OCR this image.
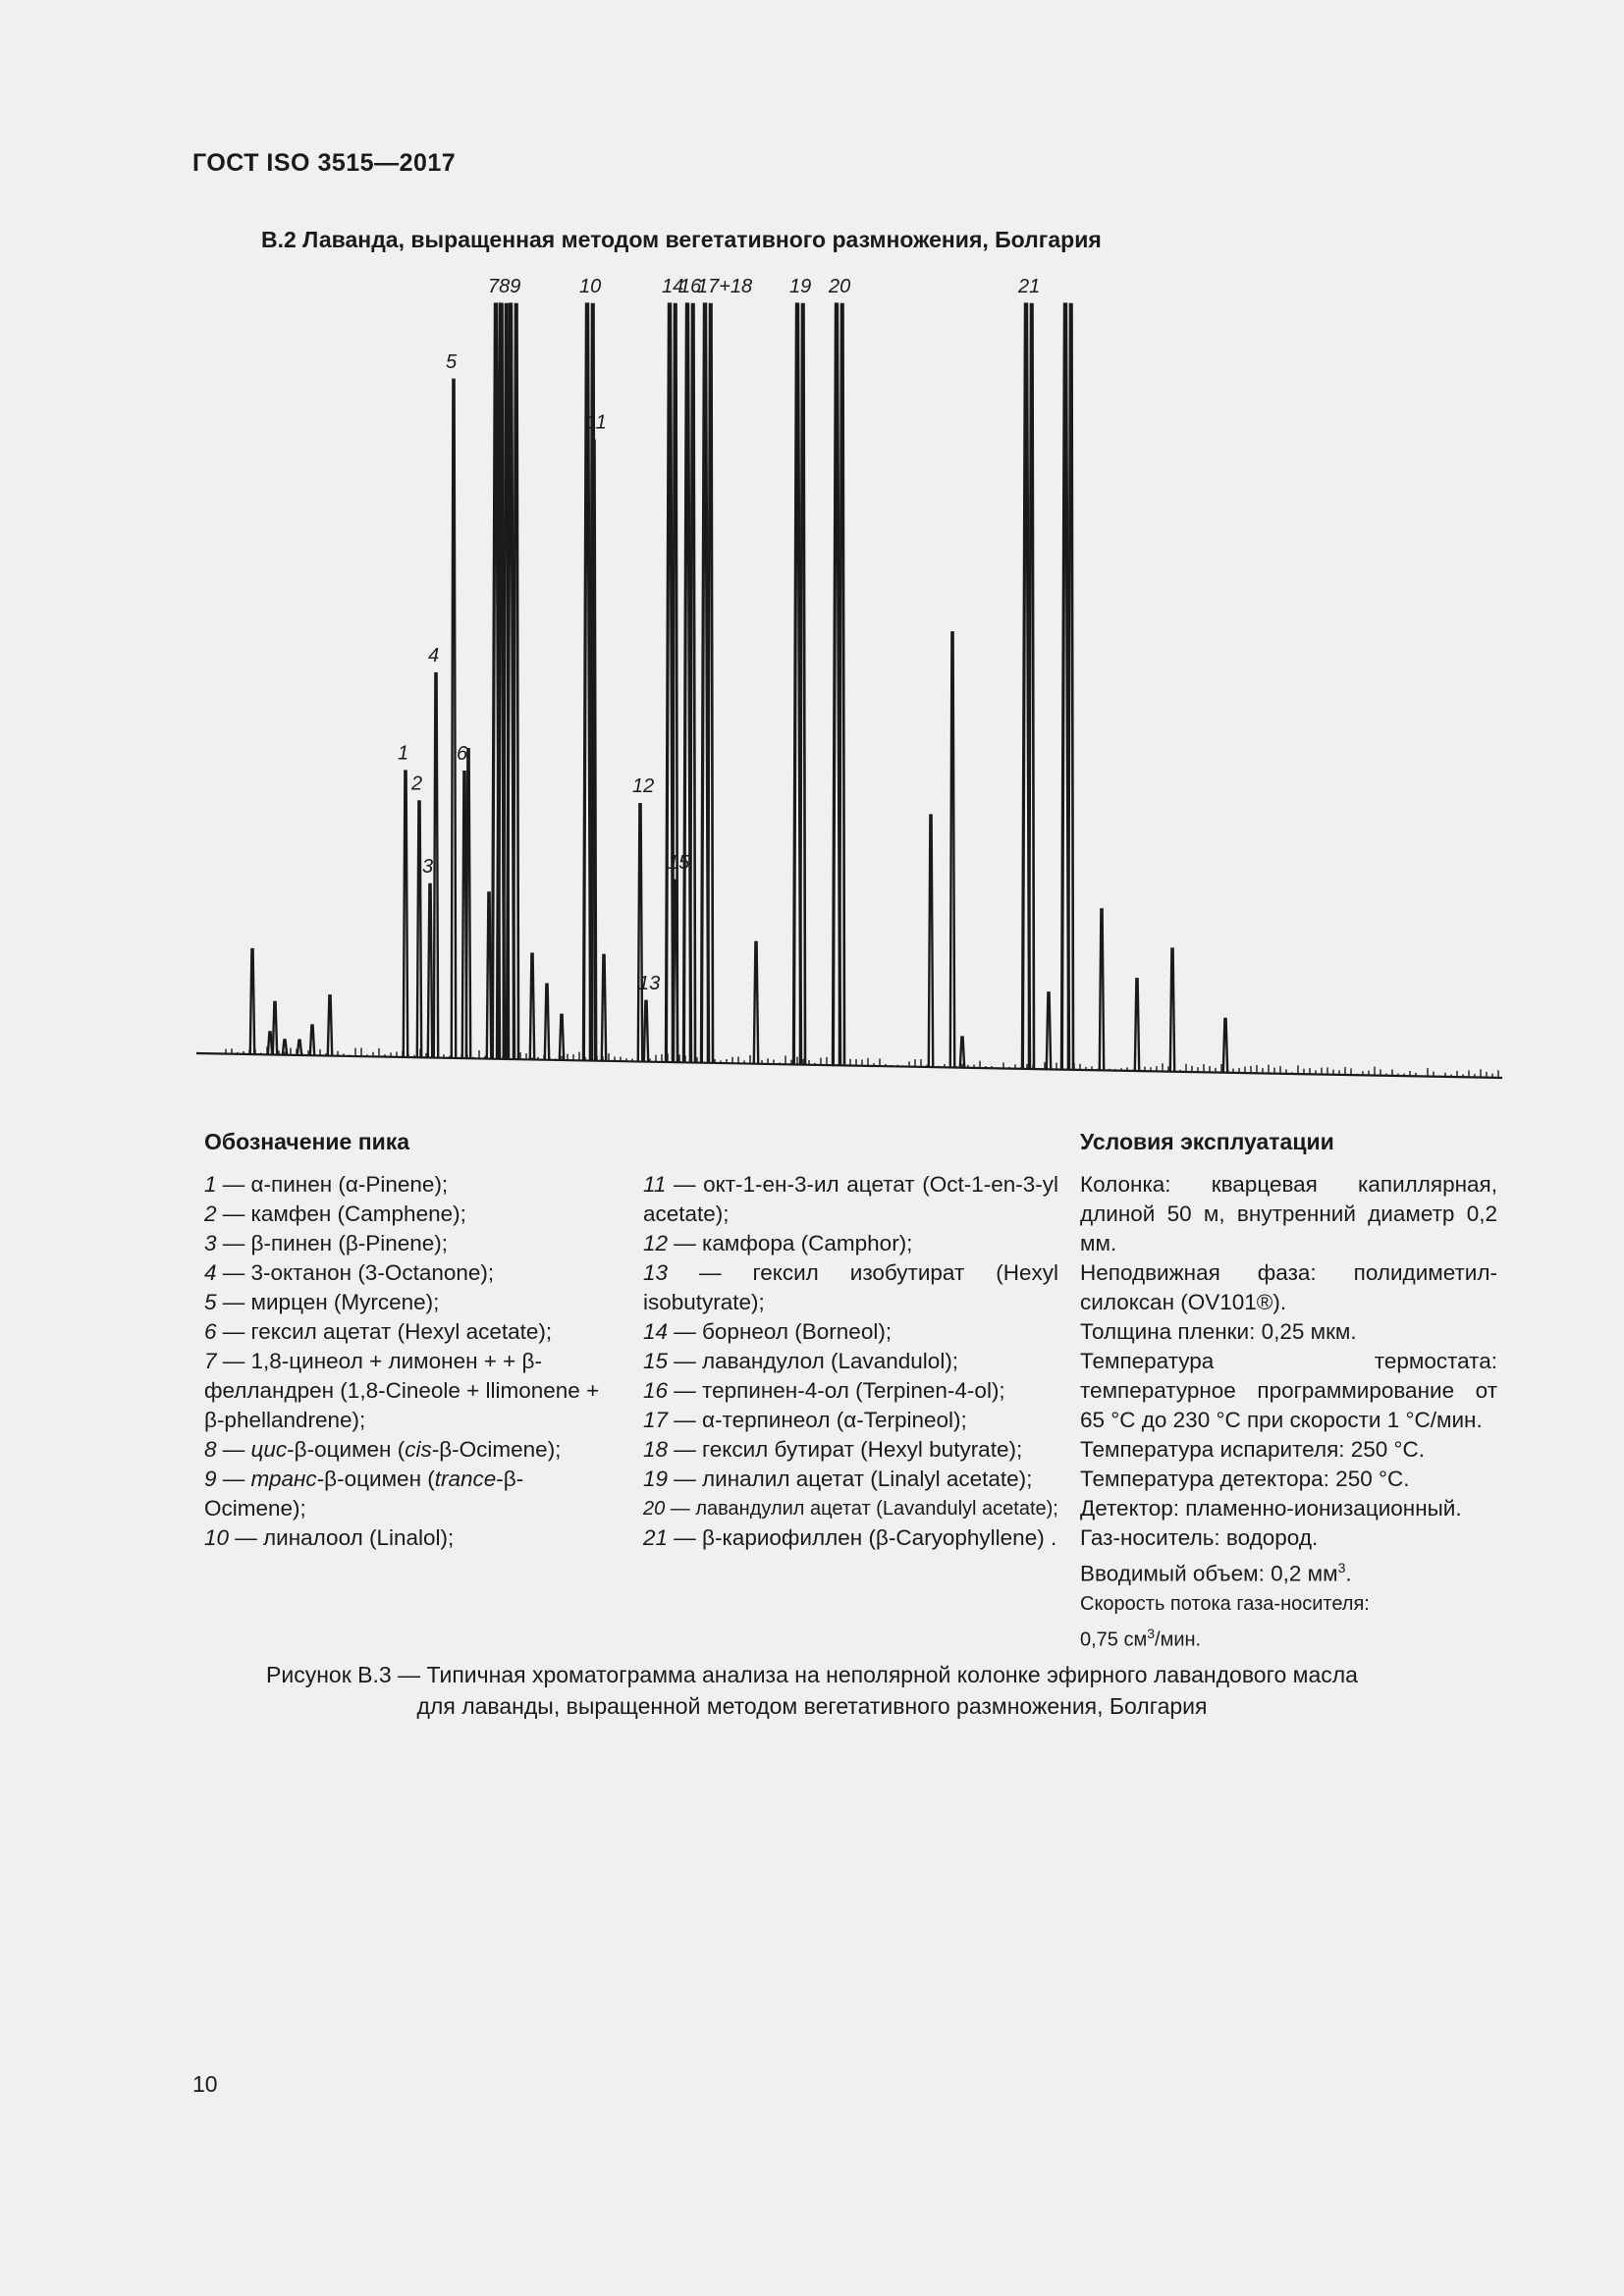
ГОСТ ISO 3515—2017
В.2 Лаванда, выращенная методом вегетативного размножения, Болгария
1
2
3
4
5
6
789	10
11
12
13
14
15
16
17+18 19 20	21
Обозначение пика

1 — α-пинен (α-Pinene);

2 — камфен (Camphene);

3 — β-пинен (β-Pinene);

4 — 3-октанон (3-Octanone);

5 — мирцен (Myrcene);

6 — гексил ацетат (Hexyl acetate);

7 — 1,8-цинеол + лимонен + + β-фелландрен (1,8-Cineole + llimonene + β-phellandrene);

8 — цис-β-оцимен (cis-β-Ocimene);

9 — транс-β-оцимен (trance-β-Ocimene);

10 — линалоол (Linalol);

11 — окт-1-ен-3-ил ацетат (Oct-1-en-3-yl acetate);

12 — камфора (Camphor);

13 — гексил изобутират (Hexyl isobutyrate);

14 — борнеол (Borneol);

15 — лавандулол (Lavandulol);

16 — терпинен-4-ол (Terpinen-4-ol);

17 — α-терпинеол (α-Terpineol);

18 — гексил бутират (Hexyl butyrate);

19 — линалил ацетат (Linalyl acetate);

20 — лавандулил ацетат (Lavandulyl acetate);

21 — β-кариофиллен (β-Caryophyllene) .

Условия эксплуатации

Колонка: кварцевая капиллярная, длиной 50 м, внутренний диаметр 0,2 мм.

Неподвижная фаза: полидиметил-силоксан (OV101®).

Толщина пленки: 0,25 мкм.

Температура термостата: температурное программирование от 65 °С до 230 °С при скорости 1 °С/мин.

Температура испарителя: 250 °С.

Температура детектора: 250 °С.

Детектор: пламенно-ионизационный.

Газ-носитель: водород.

Вводимый объем: 0,2 $мм^3$.

Скорость потока газа-носителя:
0,75 $см^3$/мин.

Рисунок В.3 — Типичная хроматограмма анализа на неполярной колонке эфирного лавандового масла
для лаванды, выращенной методом вегетативного размножения, Болгария
10
